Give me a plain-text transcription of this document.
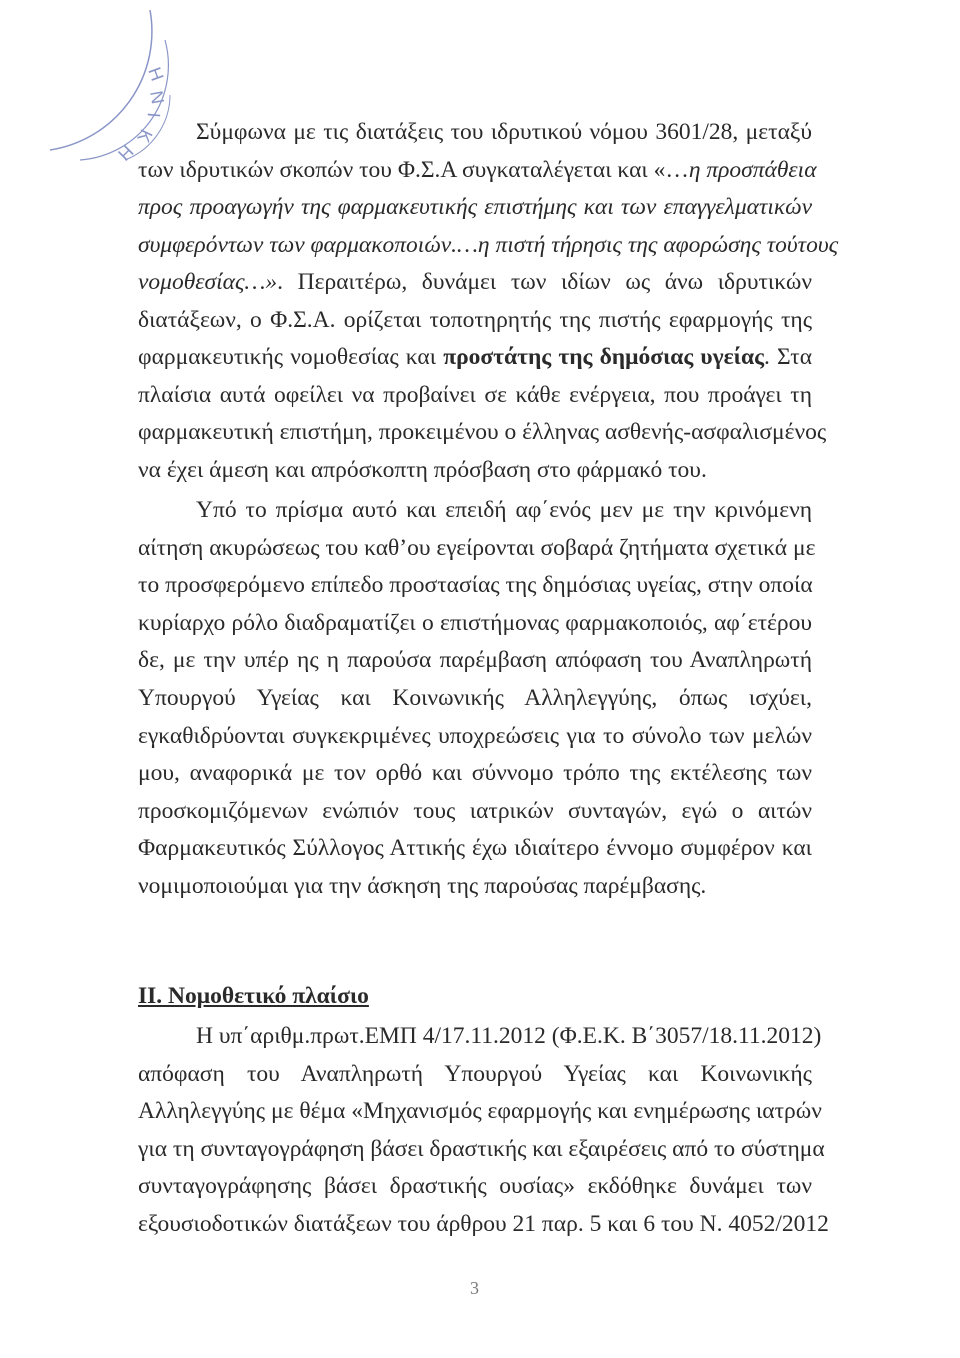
Η
Ν
Ι
Κ
Η
Σύμφωνα με τις διατάξεις του ιδρυτικού νόμου 3601/28, μεταξύ
των ιδρυτικών σκοπών του Φ.Σ.Α συγκαταλέγεται και «…η προσπάθεια
προς προαγωγήν της φαρμακευτικής επιστήμης και των επαγγελματικών
συμφερόντων των φαρμακοποιών.…η πιστή τήρησις της αφορώσης τούτους
νομοθεσίας…». Περαιτέρω, δυνάμει των ιδίων ως άνω ιδρυτικών
διατάξεων, ο Φ.Σ.Α. ορίζεται τοποτηρητής της πιστής εφαρμογής της
φαρμακευτικής νομοθεσίας και προστάτης της δημόσιας υγείας. Στα
πλαίσια αυτά οφείλει να προβαίνει σε κάθε ενέργεια, που προάγει τη
φαρμακευτική επιστήμη, προκειμένου ο έλληνας ασθενής-ασφαλισμένος
να έχει άμεση και απρόσκοπτη πρόσβαση στο φάρμακό του.
Υπό το πρίσμα αυτό και επειδή αφ΄ενός μεν με την κρινόμενη
αίτηση ακυρώσεως του καθ’ου εγείρονται σοβαρά ζητήματα σχετικά με
το προσφερόμενο επίπεδο προστασίας της δημόσιας υγείας, στην οποία
κυρίαρχο ρόλο διαδραματίζει ο επιστήμονας φαρμακοποιός, αφ΄ετέρου
δε, με την υπέρ ης η παρούσα παρέμβαση απόφαση του Αναπληρωτή
Υπουργού Υγείας και Κοινωνικής Αλληλεγγύης, όπως ισχύει,
εγκαθιδρύονται συγκεκριμένες υποχρεώσεις για το σύνολο των μελών
μου, αναφορικά με τον ορθό και σύννομο τρόπο της εκτέλεσης των
προσκομιζόμενων ενώπιόν τους ιατρικών συνταγών, εγώ ο αιτών
Φαρμακευτικός Σύλλογος Αττικής έχω ιδιαίτερο έννομο συμφέρον και
νομιμοποιούμαι για την άσκηση της παρούσας παρέμβασης.
ΙΙ. Νομοθετικό πλαίσιο
Η υπ΄αριθμ.πρωτ.ΕΜΠ 4/17.11.2012 (Φ.Ε.Κ. Β΄3057/18.11.2012)
απόφαση του Αναπληρωτή Υπουργού Υγείας και Κοινωνικής
Αλληλεγγύης με θέμα «Μηχανισμός εφαρμογής και ενημέρωσης ιατρών
για τη συνταγογράφηση βάσει δραστικής και εξαιρέσεις από το σύστημα
συνταγογράφησης βάσει δραστικής ουσίας» εκδόθηκε δυνάμει των
εξουσιοδοτικών διατάξεων του άρθρου 21 παρ. 5 και 6 του Ν. 4052/2012
3
